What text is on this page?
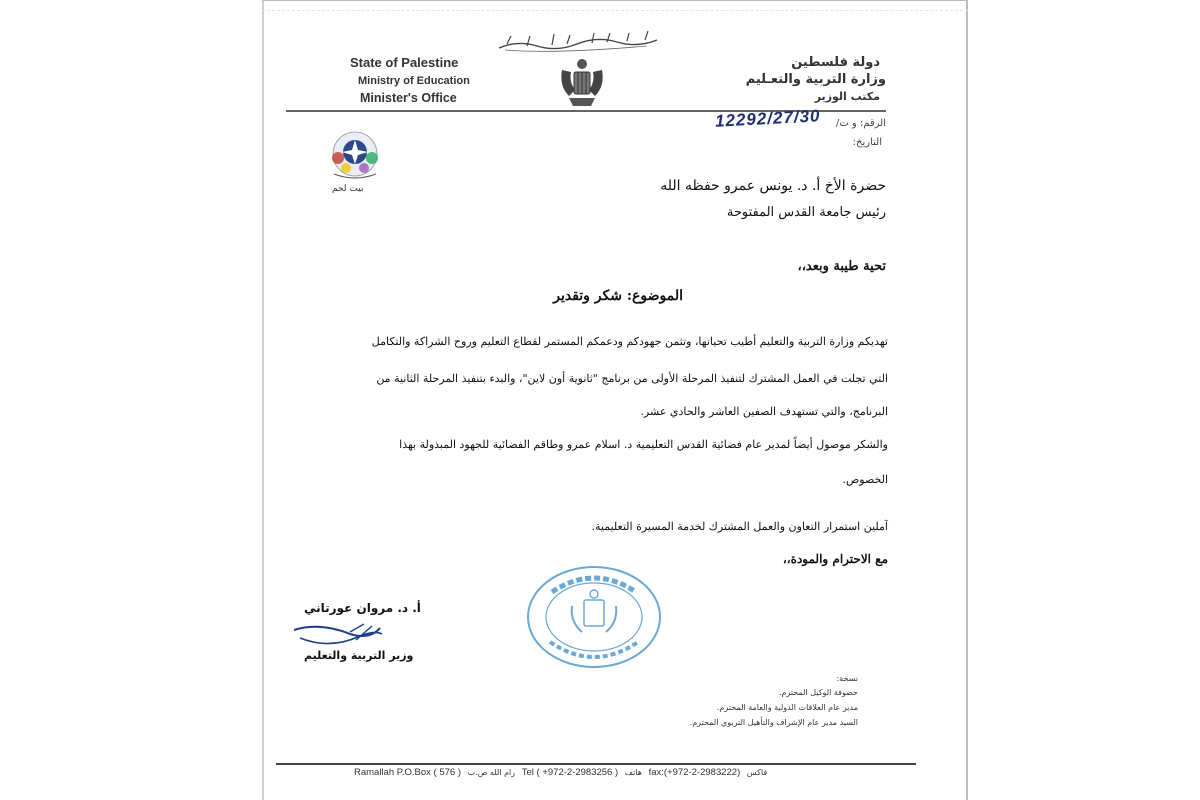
State of Palestine
Ministry of Education
Minister's Office
دولة فلسطين
وزارة التربية والتعـليم
مكتب الوزير
الرقم: و ت/
12292/27/30
التاريخ:
بيت لحم	حضرة الأخ أ. د. يونس عمرو حفظه الله
رئيس جامعة القدس المفتوحة
تحية طيبة وبعد،،
الموضوع: شكر وتقدير
تهديكم وزارة التربية والتعليم أطيب تحياتها، وتثمن جهودكم ودعمكم المستمر لقطاع التعليم وروح الشراكة والتكامل
التي تجلت في العمل المشترك لتنفيذ المرحلة الأولى من برنامج "ثانوية أون لاين"، والبدء بتنفيذ المرحلة الثانية من
البرنامج، والتي تستهدف الصفين العاشر والحادي عشر.
والشكر موصول أيضاً لمدير عام فضائية القدس التعليمية د. اسلام عمرو وطاقم الفضائية للجهود المبذولة بهذا
الخصوص.
آملين استمرار التعاون والعمل المشترك لخدمة المسيرة التعليمية.
مع الاحترام والمودة،،
أ. د. مروان عورتاني
وزير التربية والتعليم
نسخة:
حضوفة الوكيل المحترم.
مدير عام العلاقات الدولية والعامة المحترم.
السيد مدير عام الإشراف والتأهيل التربوي المحترم.
Ramallah P.O.Box ( 576 ) رام الله ص.ب Tel ( +972-2-2983256 ) هاتف fax:(+972-2-2983222) فاكس
